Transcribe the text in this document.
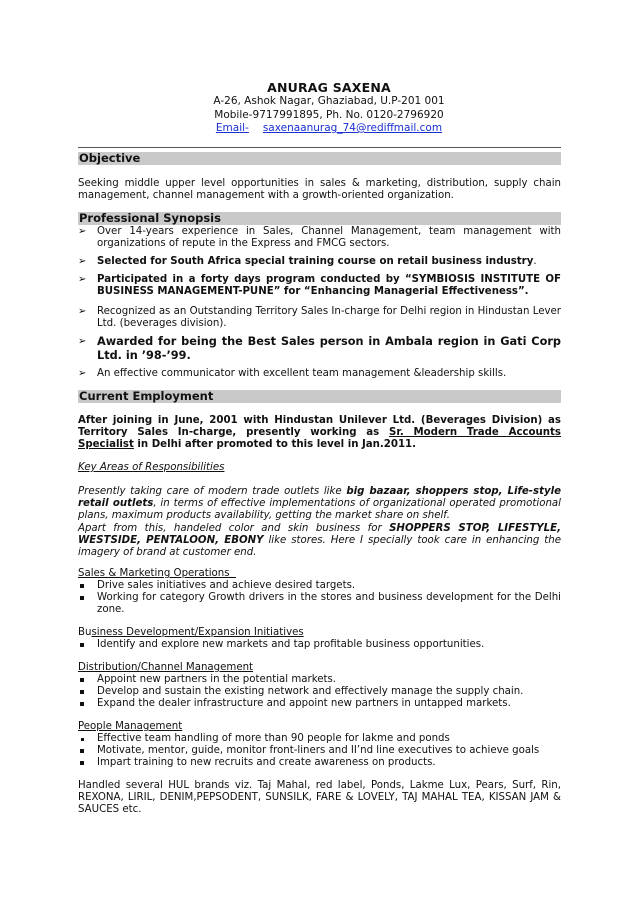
ANURAG SAXENA
A-26, Ashok Nagar, Ghaziabad, U.P-201 001
Mobile-9717991895, Ph. No. 0120-2796920
Email- saxenaanurag_74@rediffmail.com
Objective
Seeking middle upper level opportunities in sales & marketing, distribution, supply chain management, channel management with a growth-oriented organization.
Professional Synopsis
➢	Over 14-years experience in Sales, Channel Management, team management with organizations of repute in the Express and FMCG sectors.
➢	Selected for South Africa special training course on retail business industry.
➢	Participated in a forty days program conducted by “SYMBIOSIS INSTITUTE OF BUSINESS MANAGEMENT-PUNE” for “Enhancing Managerial Effectiveness”.
➢	Recognized as an Outstanding Territory Sales In-charge for Delhi region in Hindustan Lever Ltd. (beverages division).
➢ Awarded for being the Best Sales person in Ambala region in Gati Corp Ltd. in ’98-’99.
➢	An effective communicator with excellent team management &leadership skills.
Current Employment
After joining in June, 2001 with Hindustan Unilever Ltd. (Beverages Division) as Territory Sales In-charge, presently working as Sr. Modern Trade Accounts Specialist in Delhi after promoted to this level in Jan.2011.
Key Areas of Responsibilities
Presently taking care of modern trade outlets like big bazaar, shoppers stop, Life-style retail outlets, in terms of effective implementations of organizational operated promotional plans, maximum products availability, getting the market share on shelf.
Apart from this, handeled color and skin business for SHOPPERS STOP, LIFESTYLE, WESTSIDE, PENTALOON, EBONY like stores. Here I specially took care in enhancing the imagery of brand at customer end.
Sales & Marketing Operations
Drive sales initiatives and achieve desired targets.
Working for category Growth drivers in the stores and business development for the Delhi zone.
Business Development/Expansion Initiatives
Identify and explore new markets and tap profitable business opportunities.
Distribution/Channel Management
Appoint new partners in the potential markets.
Develop and sustain the existing network and effectively manage the supply chain.
Expand the dealer infrastructure and appoint new partners in untapped markets.
People Management
Effective team handling of more than 90 people for lakme and ponds
Motivate, mentor, guide, monitor front-liners and II’nd line executives to achieve goals
Impart training to new recruits and create awareness on products.
Handled several HUL brands viz. Taj Mahal, red label, Ponds, Lakme Lux, Pears, Surf, Rin, REXONA, LIRIL, DENIM,PEPSODENT, SUNSILK, FARE & LOVELY, TAJ MAHAL TEA, KISSAN JAM & SAUCES etc.
